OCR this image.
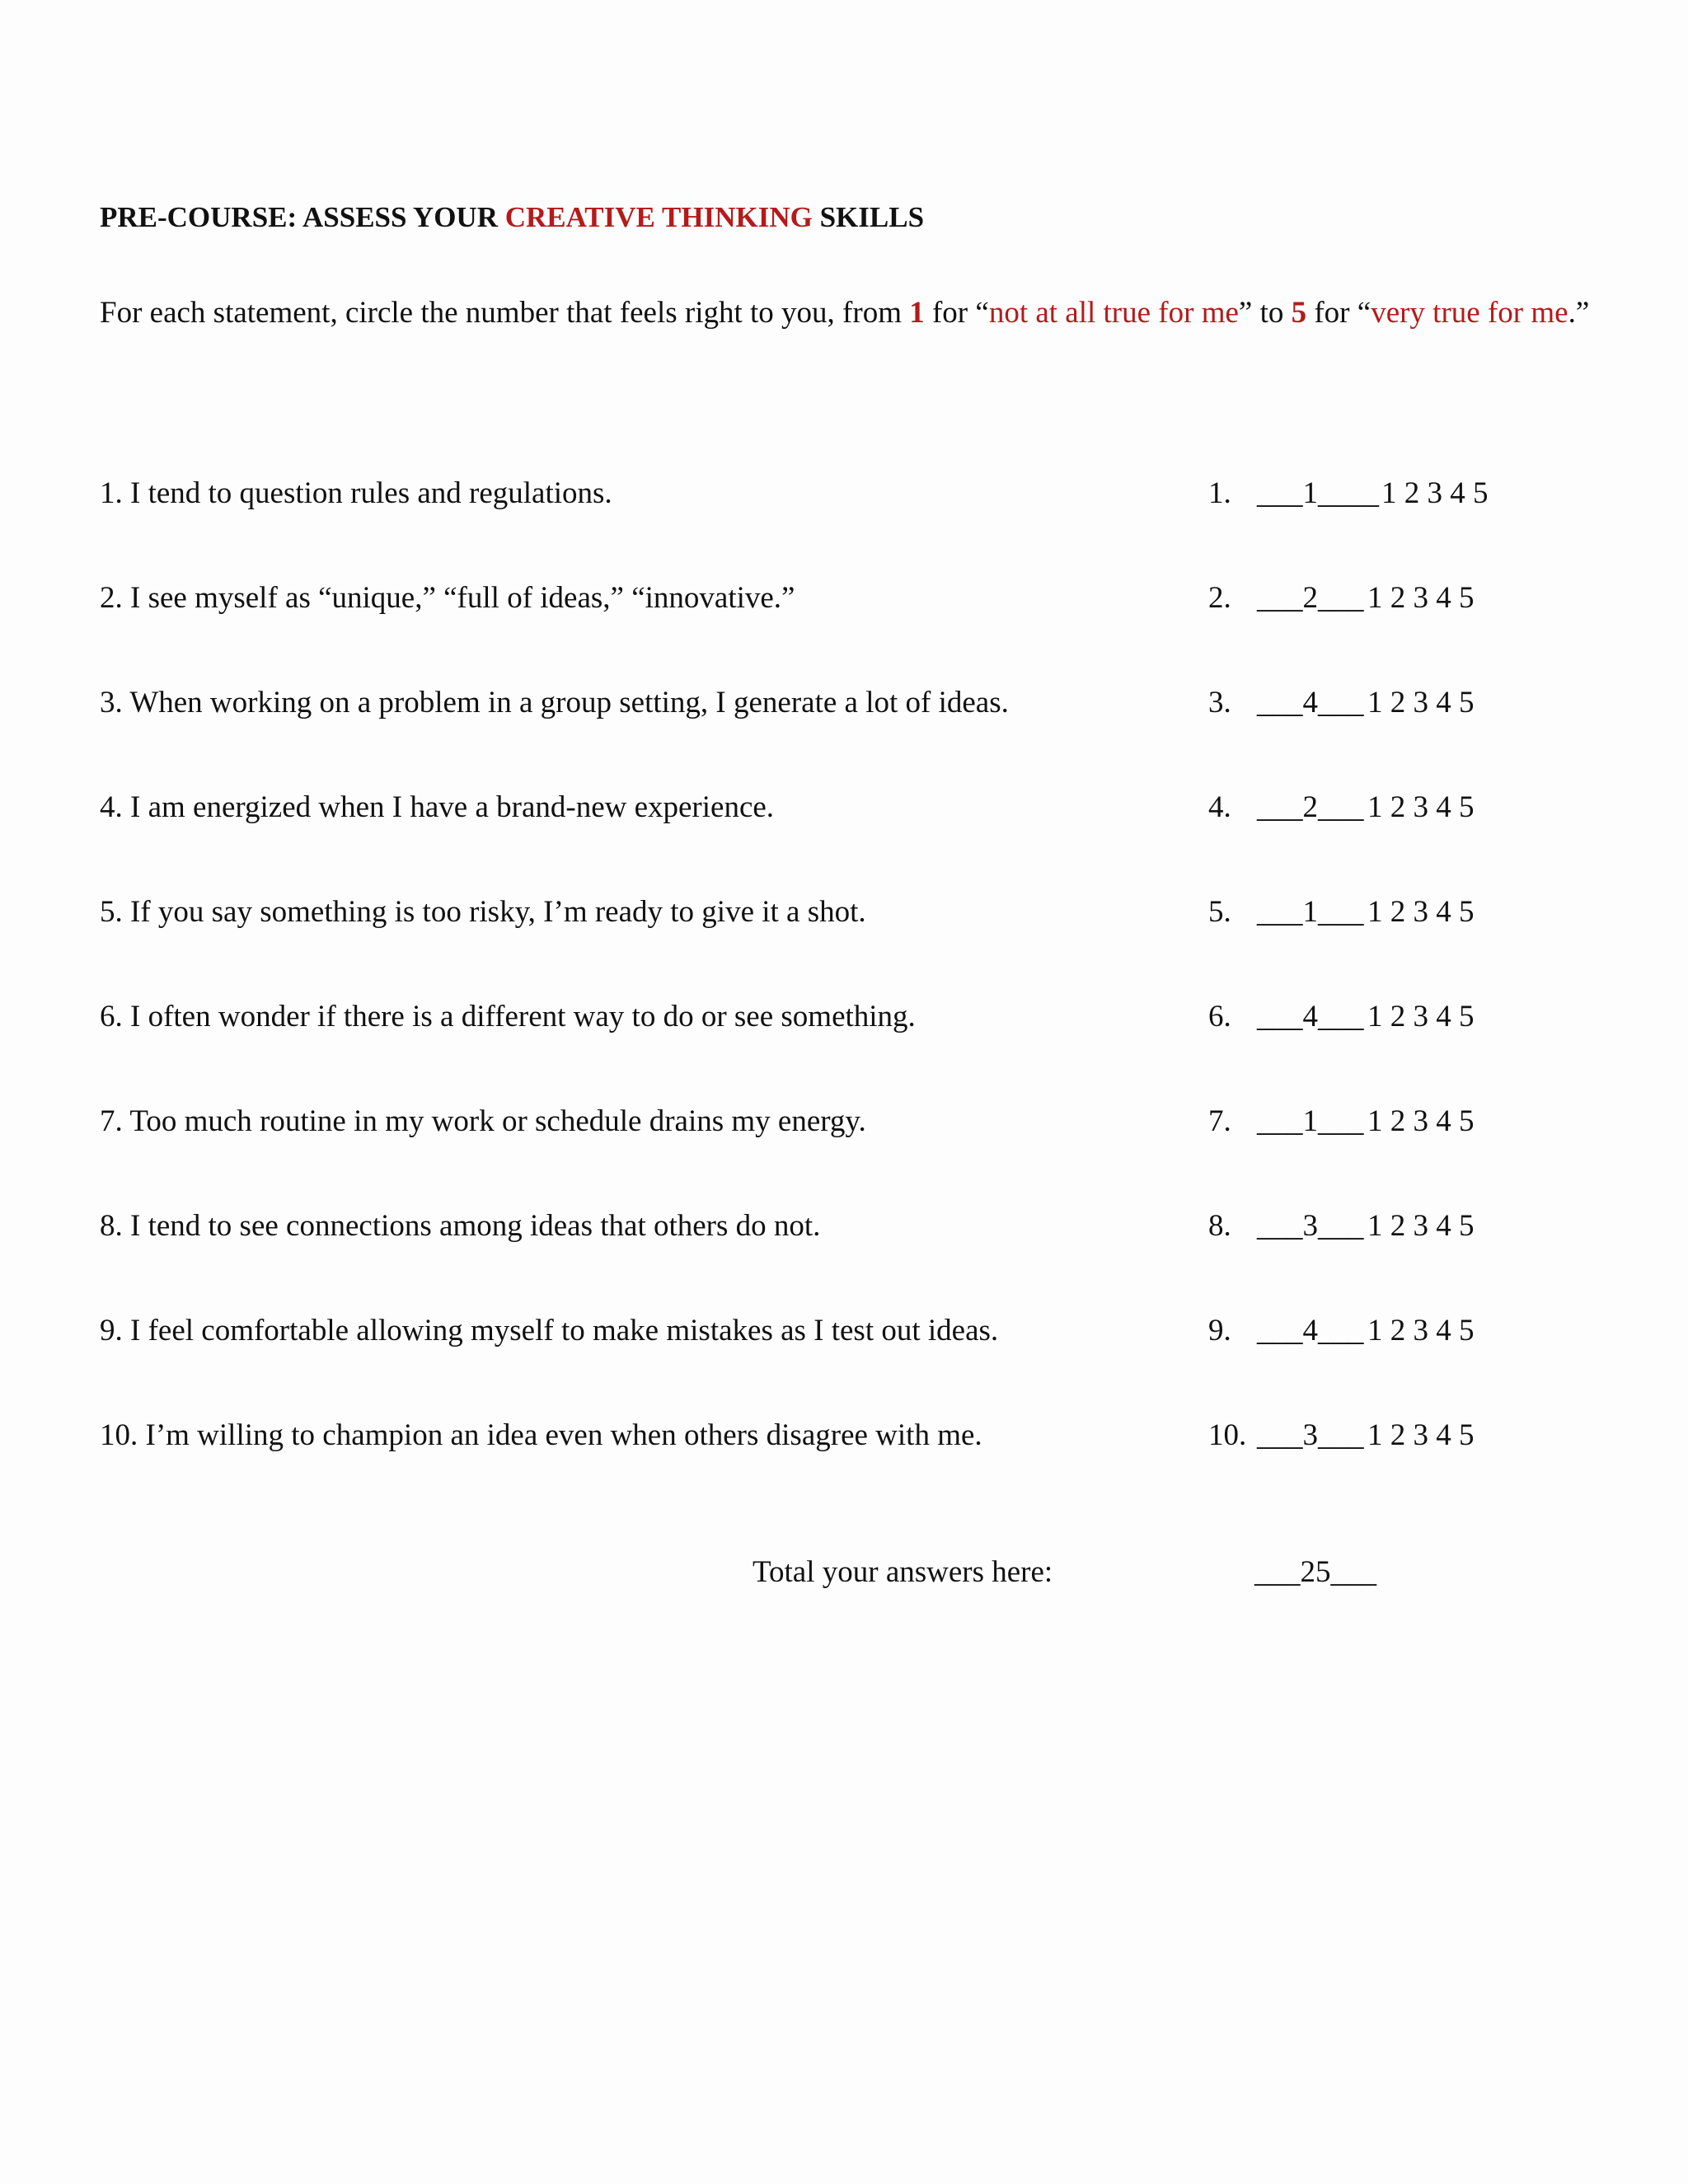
PRE-COURSE: ASSESS YOUR CREATIVE THINKING SKILLS
For each statement, circle the number that feels right to you, from 1 for “not at all true for me” to 5 for “very true for me.”
1. I tend to question rules and regulations.	1. ___1____ 1 2 3 4 5
2. I see myself as “unique,” “full of ideas,” “innovative.”	2. ___2___ 1 2 3 4 5
3. When working on a problem in a group setting, I generate a lot of ideas.	3. ___4___ 1 2 3 4 5
4. I am energized when I have a brand-new experience.	4. ___2___ 1 2 3 4 5
5. If you say something is too risky, I’m ready to give it a shot.	5. ___1___ 1 2 3 4 5
6. I often wonder if there is a different way to do or see something.	6. ___4___ 1 2 3 4 5
7. Too much routine in my work or schedule drains my energy.	7. ___1___ 1 2 3 4 5
8. I tend to see connections among ideas that others do not.	8. ___3___ 1 2 3 4 5
9. I feel comfortable allowing myself to make mistakes as I test out ideas.	9. ___4___ 1 2 3 4 5
10. I’m willing to champion an idea even when others disagree with me.	10. ___3___ 1 2 3 4 5
Total your answers here:	___25___
